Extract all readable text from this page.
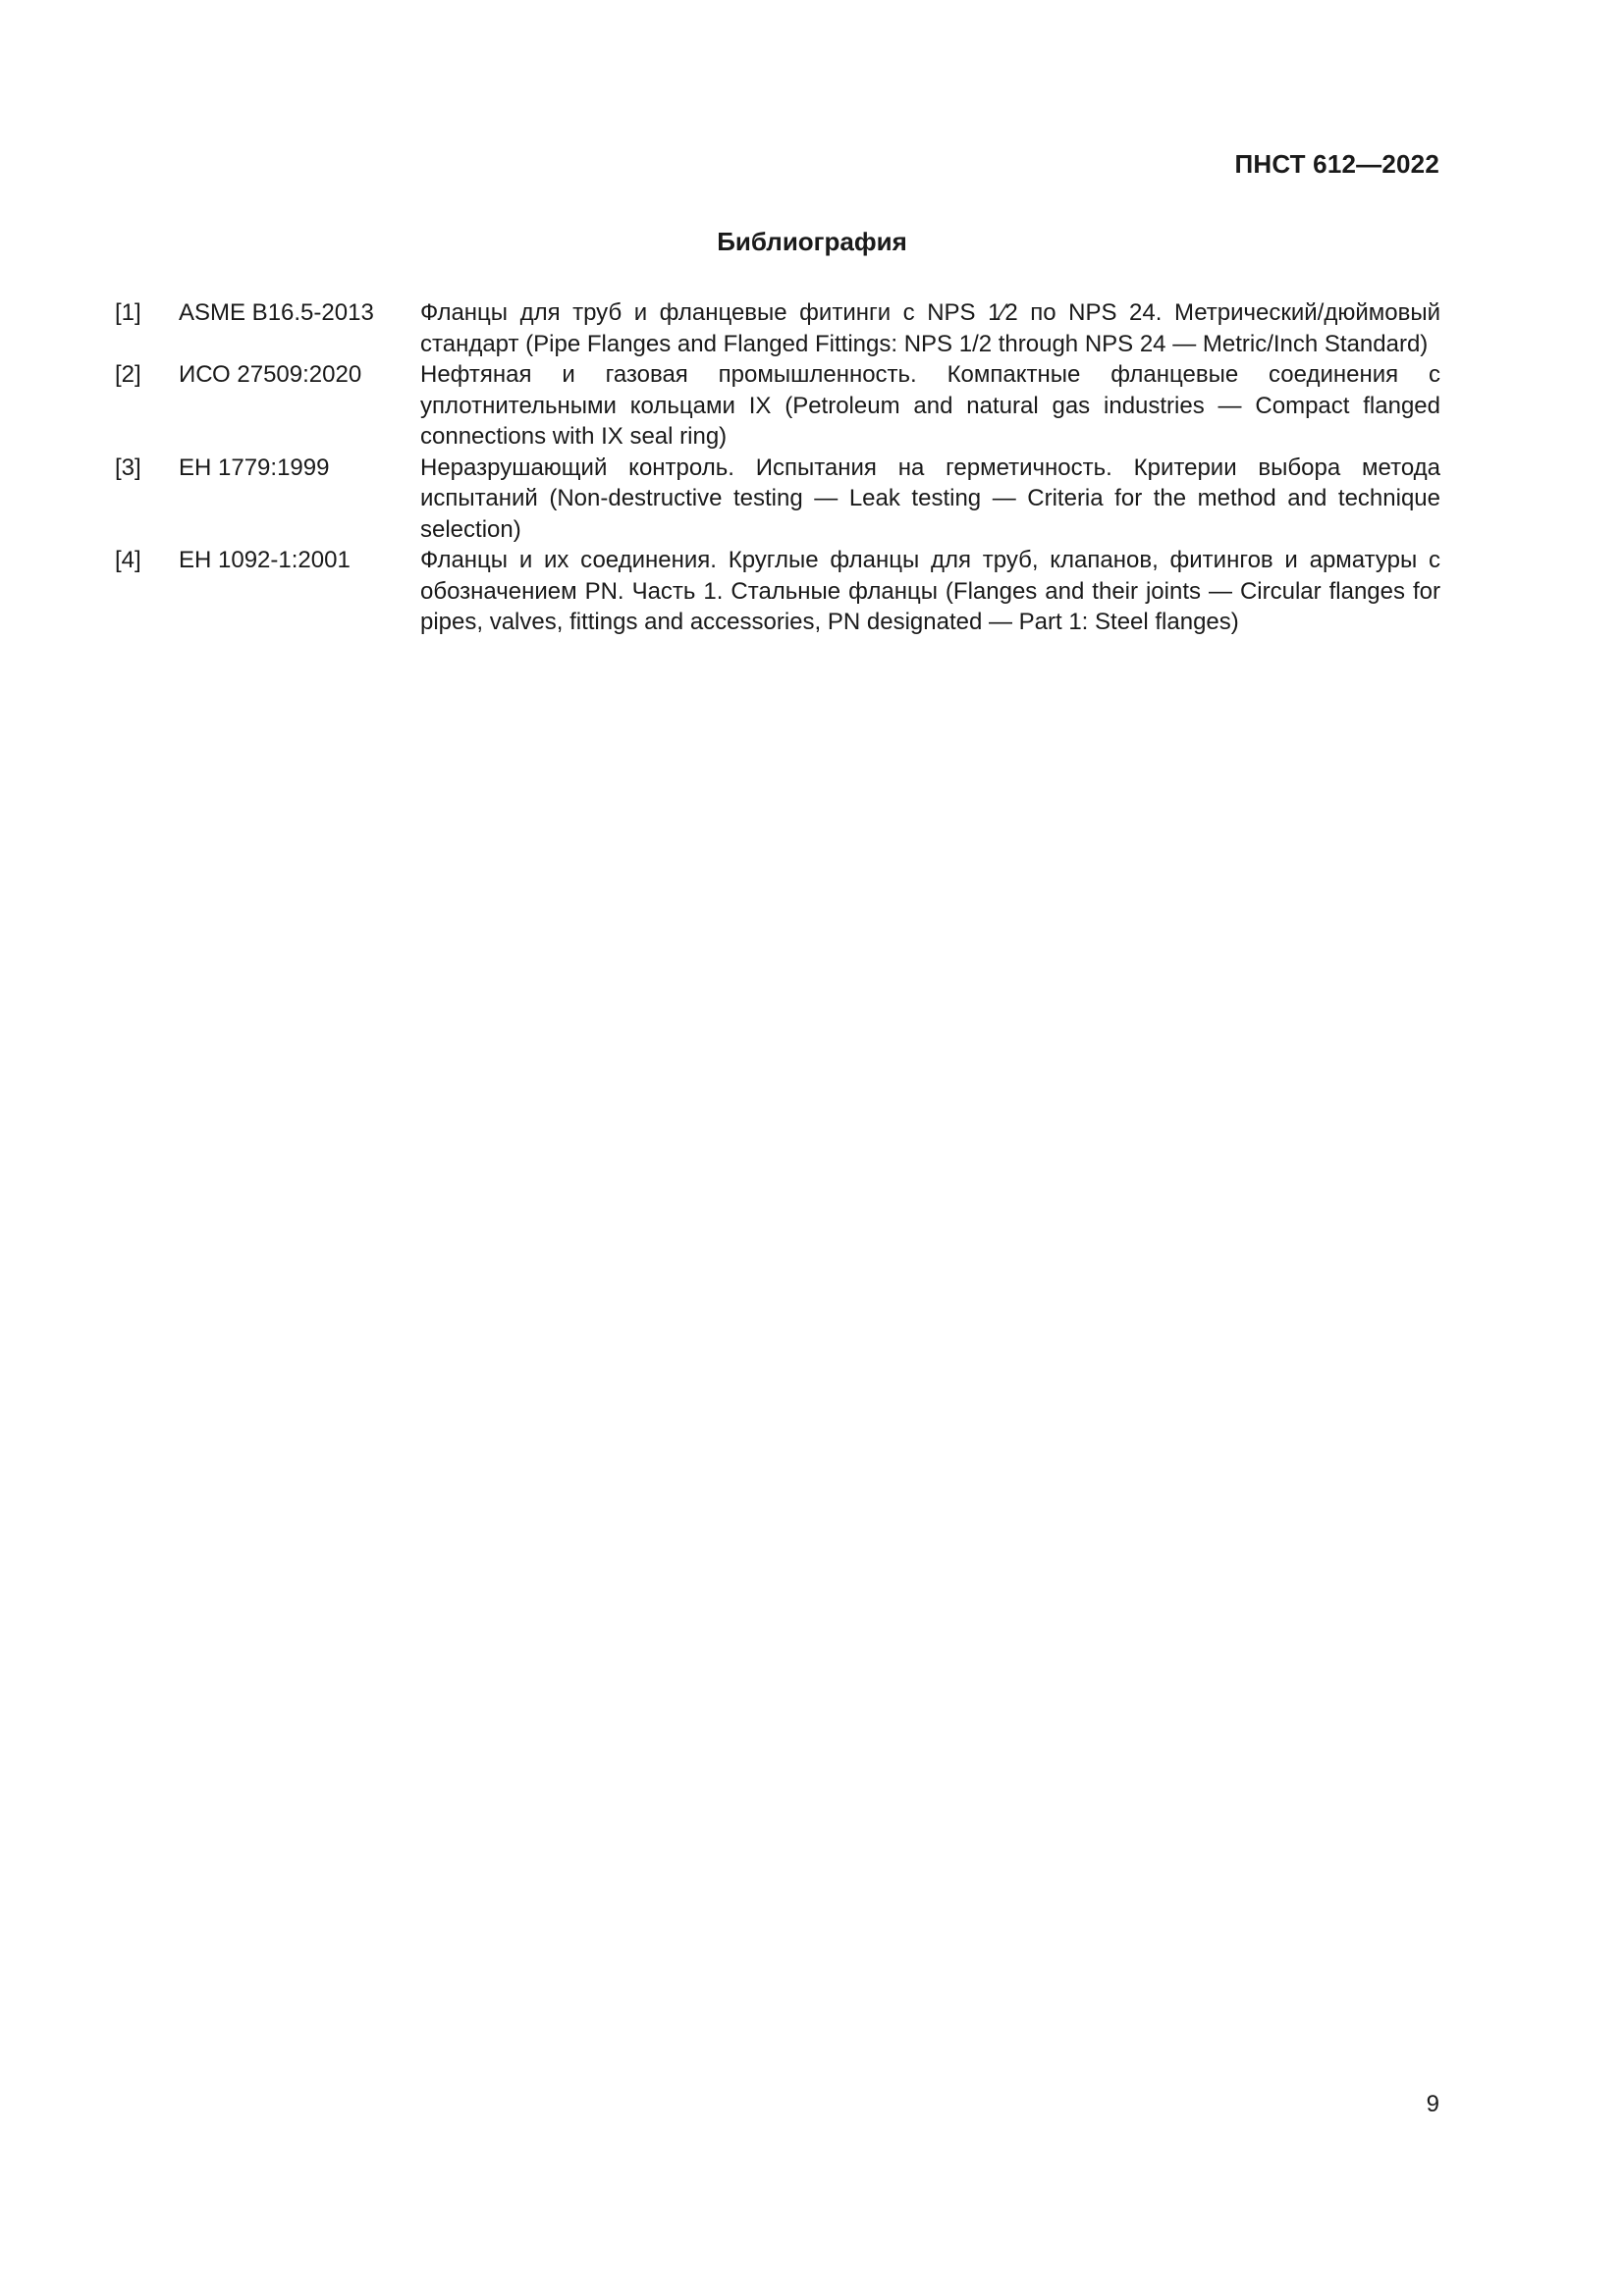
ПНСТ 612—2022
Библиография
[1]	ASME B16.5-2013	Фланцы для труб и фланцевые фитинги с NPS 1⁄2 по NPS 24. Метрический/дюймовый стандарт (Pipe Flanges and Flanged Fittings: NPS 1/2 through NPS 24 — Metric/Inch Standard)
[2]	ИСО 27509:2020	Нефтяная и газовая промышленность. Компактные фланцевые соединения с уплотнительными кольцами IX (Petroleum and natural gas industries — Compact flanged connections with IX seal ring)
[3]	ЕН 1779:1999	Неразрушающий контроль. Испытания на герметичность. Критерии выбора метода испытаний (Non-destructive testing — Leak testing — Criteria for the method and technique selection)
[4]	ЕН 1092-1:2001	Фланцы и их соединения. Круглые фланцы для труб, клапанов, фитингов и арматуры с обозначением PN. Часть 1. Стальные фланцы (Flanges and their joints — Circular flanges for pipes, valves, fittings and accessories, PN designated — Part 1: Steel flanges)
9
